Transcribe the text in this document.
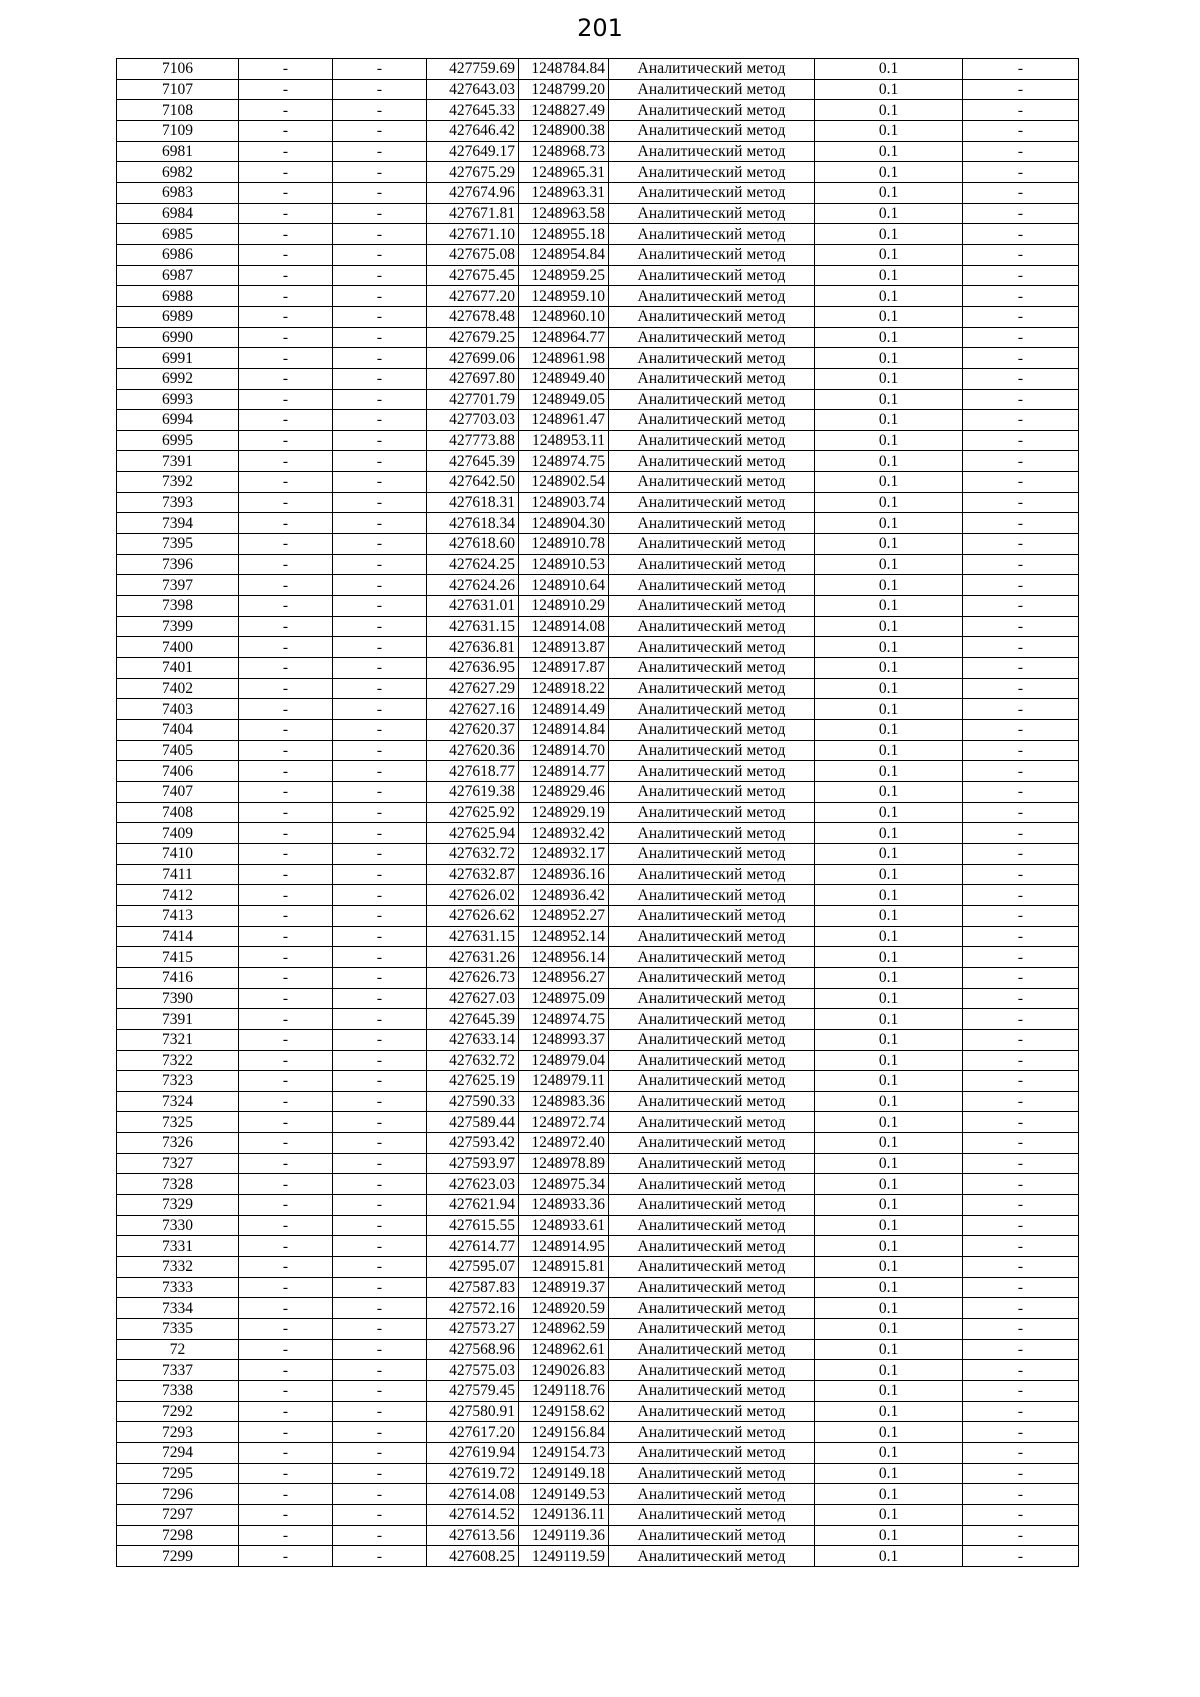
201
7106	-	-	427759.69	1248784.84	Аналитический метод	0.1	-
7107	-	-	427643.03	1248799.20	Аналитический метод	0.1	-
7108	-	-	427645.33	1248827.49	Аналитический метод	0.1	-
7109	-	-	427646.42	1248900.38	Аналитический метод	0.1	-
6981	-	-	427649.17	1248968.73	Аналитический метод	0.1	-
6982	-	-	427675.29	1248965.31	Аналитический метод	0.1	-
6983	-	-	427674.96	1248963.31	Аналитический метод	0.1	-
6984	-	-	427671.81	1248963.58	Аналитический метод	0.1	-
6985	-	-	427671.10	1248955.18	Аналитический метод	0.1	-
6986	-	-	427675.08	1248954.84	Аналитический метод	0.1	-
6987	-	-	427675.45	1248959.25	Аналитический метод	0.1	-
6988	-	-	427677.20	1248959.10	Аналитический метод	0.1	-
6989	-	-	427678.48	1248960.10	Аналитический метод	0.1	-
6990	-	-	427679.25	1248964.77	Аналитический метод	0.1	-
6991	-	-	427699.06	1248961.98	Аналитический метод	0.1	-
6992	-	-	427697.80	1248949.40	Аналитический метод	0.1	-
6993	-	-	427701.79	1248949.05	Аналитический метод	0.1	-
6994	-	-	427703.03	1248961.47	Аналитический метод	0.1	-
6995	-	-	427773.88	1248953.11	Аналитический метод	0.1	-
7391	-	-	427645.39	1248974.75	Аналитический метод	0.1	-
7392	-	-	427642.50	1248902.54	Аналитический метод	0.1	-
7393	-	-	427618.31	1248903.74	Аналитический метод	0.1	-
7394	-	-	427618.34	1248904.30	Аналитический метод	0.1	-
7395	-	-	427618.60	1248910.78	Аналитический метод	0.1	-
7396	-	-	427624.25	1248910.53	Аналитический метод	0.1	-
7397	-	-	427624.26	1248910.64	Аналитический метод	0.1	-
7398	-	-	427631.01	1248910.29	Аналитический метод	0.1	-
7399	-	-	427631.15	1248914.08	Аналитический метод	0.1	-
7400	-	-	427636.81	1248913.87	Аналитический метод	0.1	-
7401	-	-	427636.95	1248917.87	Аналитический метод	0.1	-
7402	-	-	427627.29	1248918.22	Аналитический метод	0.1	-
7403	-	-	427627.16	1248914.49	Аналитический метод	0.1	-
7404	-	-	427620.37	1248914.84	Аналитический метод	0.1	-
7405	-	-	427620.36	1248914.70	Аналитический метод	0.1	-
7406	-	-	427618.77	1248914.77	Аналитический метод	0.1	-
7407	-	-	427619.38	1248929.46	Аналитический метод	0.1	-
7408	-	-	427625.92	1248929.19	Аналитический метод	0.1	-
7409	-	-	427625.94	1248932.42	Аналитический метод	0.1	-
7410	-	-	427632.72	1248932.17	Аналитический метод	0.1	-
7411	-	-	427632.87	1248936.16	Аналитический метод	0.1	-
7412	-	-	427626.02	1248936.42	Аналитический метод	0.1	-
7413	-	-	427626.62	1248952.27	Аналитический метод	0.1	-
7414	-	-	427631.15	1248952.14	Аналитический метод	0.1	-
7415	-	-	427631.26	1248956.14	Аналитический метод	0.1	-
7416	-	-	427626.73	1248956.27	Аналитический метод	0.1	-
7390	-	-	427627.03	1248975.09	Аналитический метод	0.1	-
7391	-	-	427645.39	1248974.75	Аналитический метод	0.1	-
7321	-	-	427633.14	1248993.37	Аналитический метод	0.1	-
7322	-	-	427632.72	1248979.04	Аналитический метод	0.1	-
7323	-	-	427625.19	1248979.11	Аналитический метод	0.1	-
7324	-	-	427590.33	1248983.36	Аналитический метод	0.1	-
7325	-	-	427589.44	1248972.74	Аналитический метод	0.1	-
7326	-	-	427593.42	1248972.40	Аналитический метод	0.1	-
7327	-	-	427593.97	1248978.89	Аналитический метод	0.1	-
7328	-	-	427623.03	1248975.34	Аналитический метод	0.1	-
7329	-	-	427621.94	1248933.36	Аналитический метод	0.1	-
7330	-	-	427615.55	1248933.61	Аналитический метод	0.1	-
7331	-	-	427614.77	1248914.95	Аналитический метод	0.1	-
7332	-	-	427595.07	1248915.81	Аналитический метод	0.1	-
7333	-	-	427587.83	1248919.37	Аналитический метод	0.1	-
7334	-	-	427572.16	1248920.59	Аналитический метод	0.1	-
7335	-	-	427573.27	1248962.59	Аналитический метод	0.1	-
72	-	-	427568.96	1248962.61	Аналитический метод	0.1	-
7337	-	-	427575.03	1249026.83	Аналитический метод	0.1	-
7338	-	-	427579.45	1249118.76	Аналитический метод	0.1	-
7292	-	-	427580.91	1249158.62	Аналитический метод	0.1	-
7293	-	-	427617.20	1249156.84	Аналитический метод	0.1	-
7294	-	-	427619.94	1249154.73	Аналитический метод	0.1	-
7295	-	-	427619.72	1249149.18	Аналитический метод	0.1	-
7296	-	-	427614.08	1249149.53	Аналитический метод	0.1	-
7297	-	-	427614.52	1249136.11	Аналитический метод	0.1	-
7298	-	-	427613.56	1249119.36	Аналитический метод	0.1	-
7299	-	-	427608.25	1249119.59	Аналитический метод	0.1	-
